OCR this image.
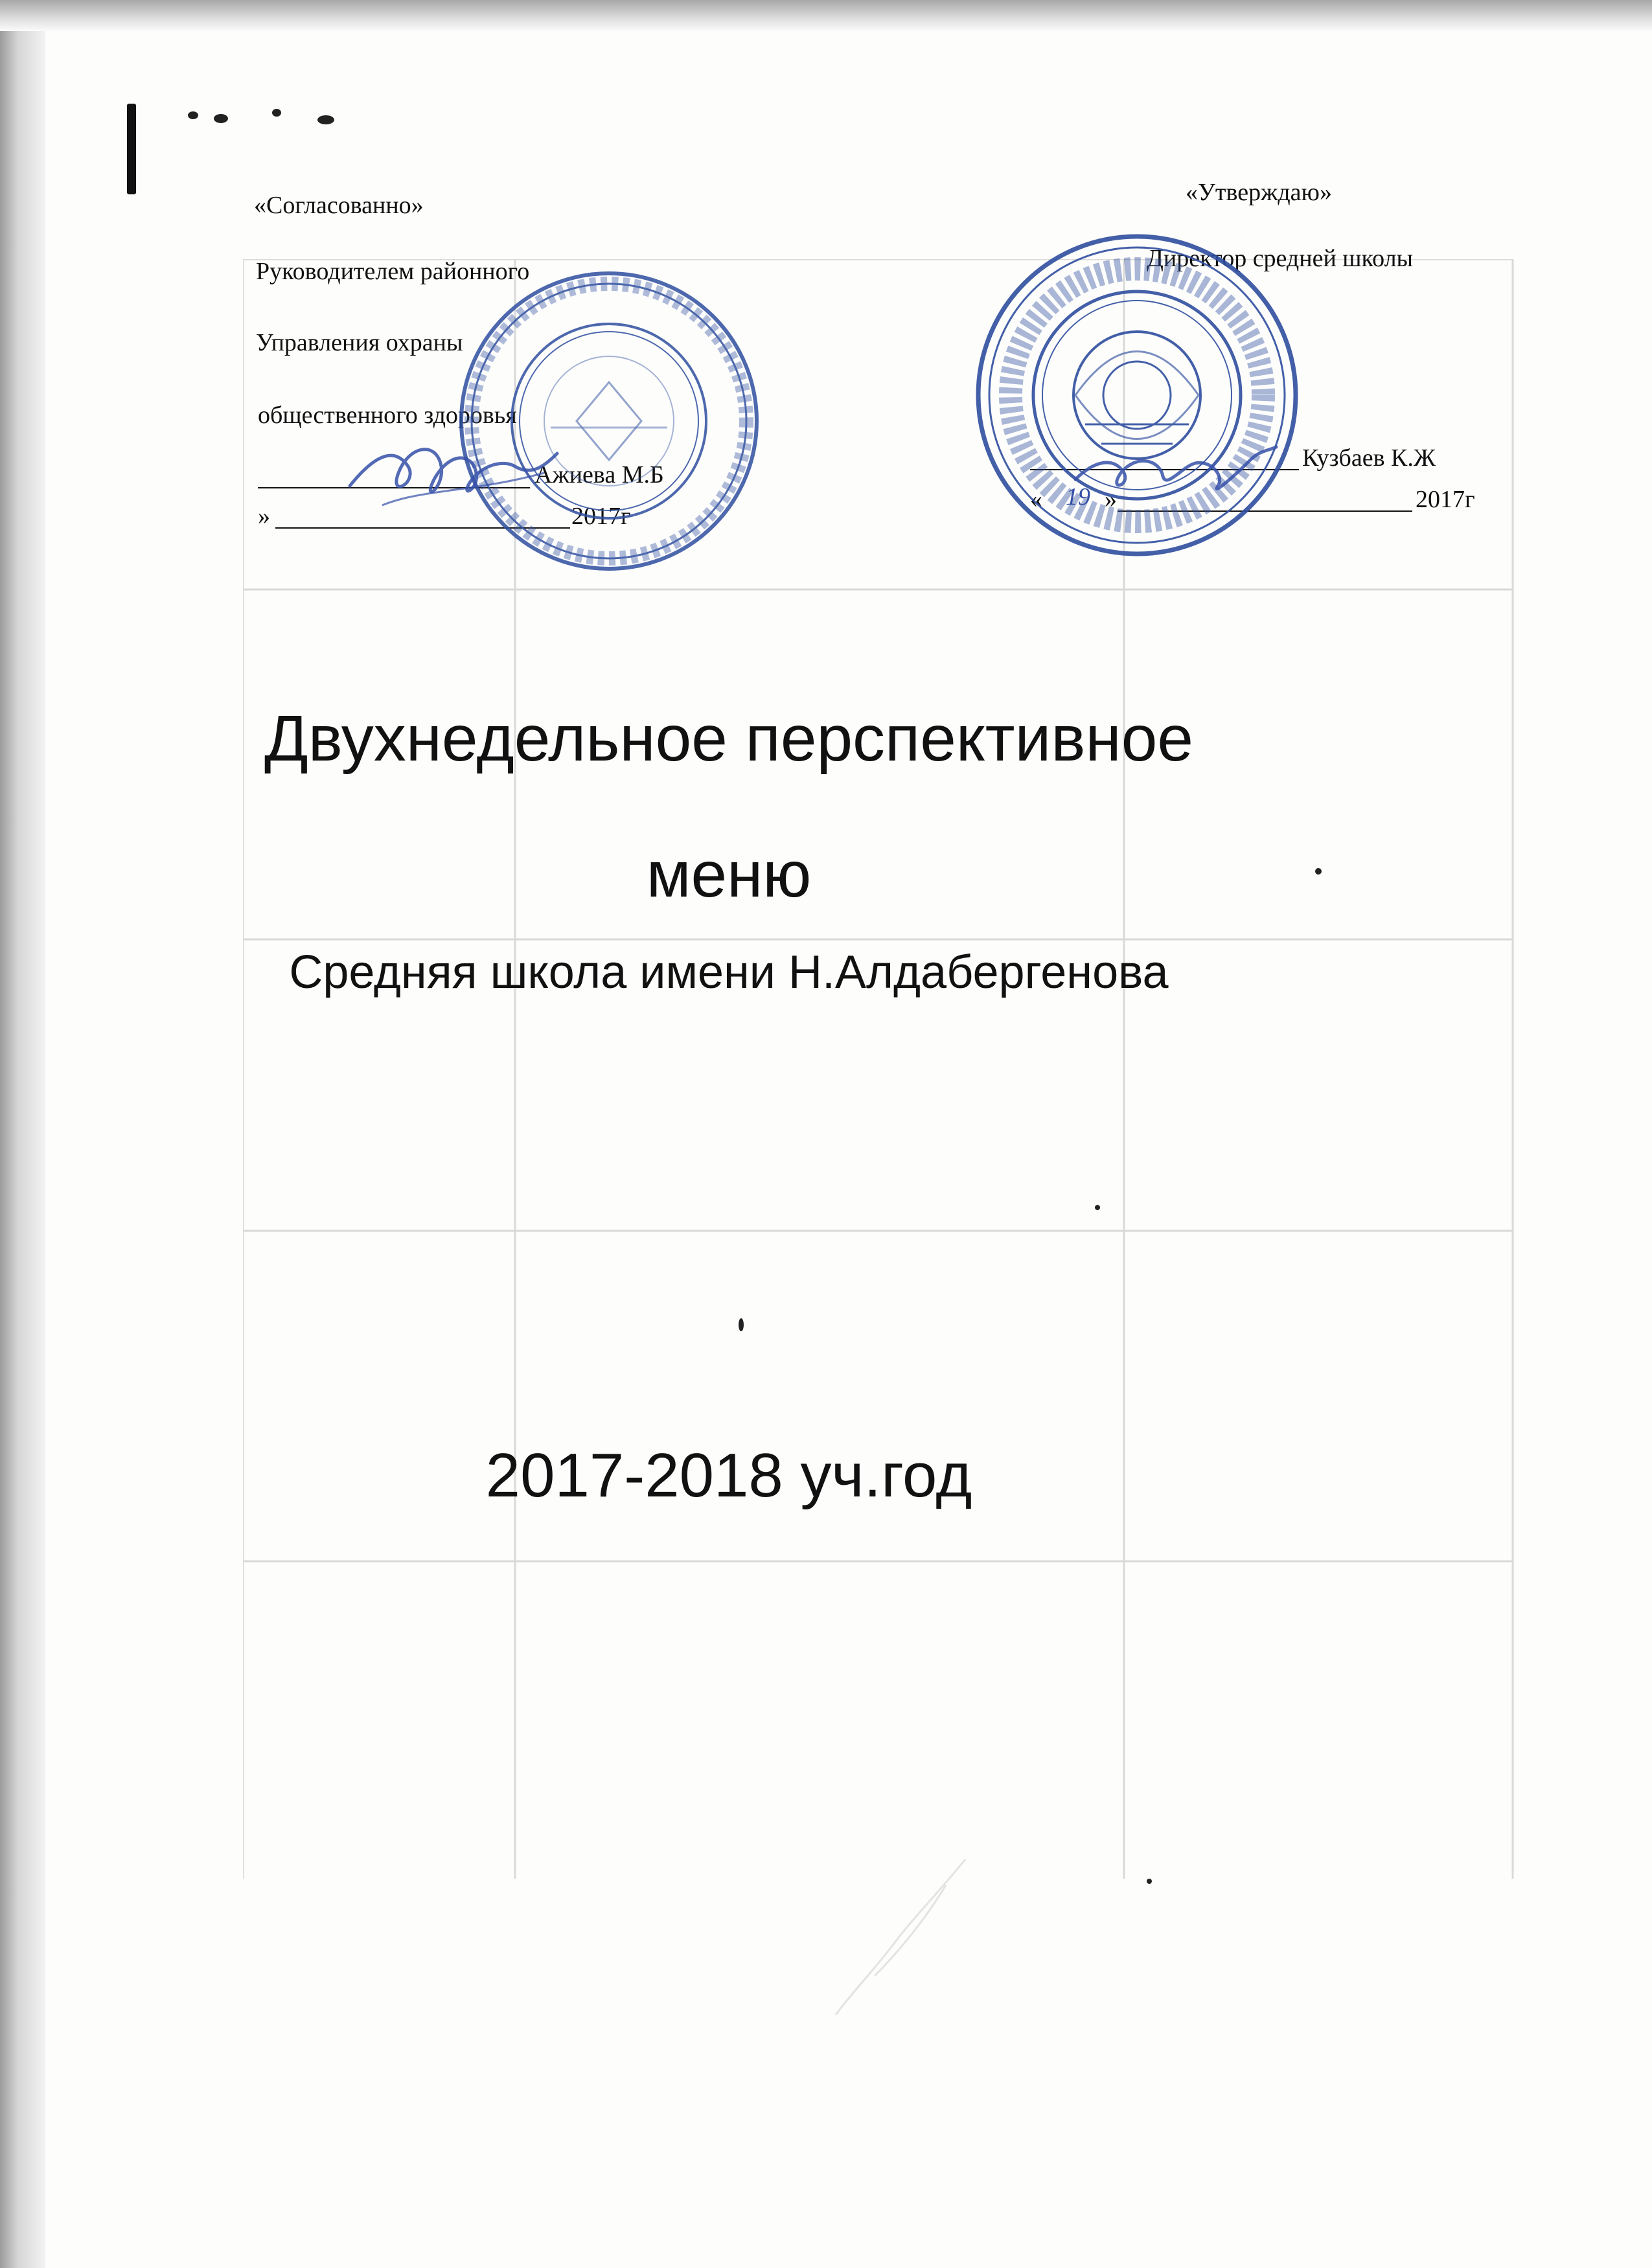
«Согласованно»
Руководителем районного
Управления охраны
общественного здоровья
Ажиева М.Б
»	2017г
«Утверждаю»
Директор средней школы
Кузбаев К.Ж
« 19 »	2017г
Двухнедельное перспективное
меню
Средняя школа имени Н.Алдабергенова
2017-2018 уч.год
